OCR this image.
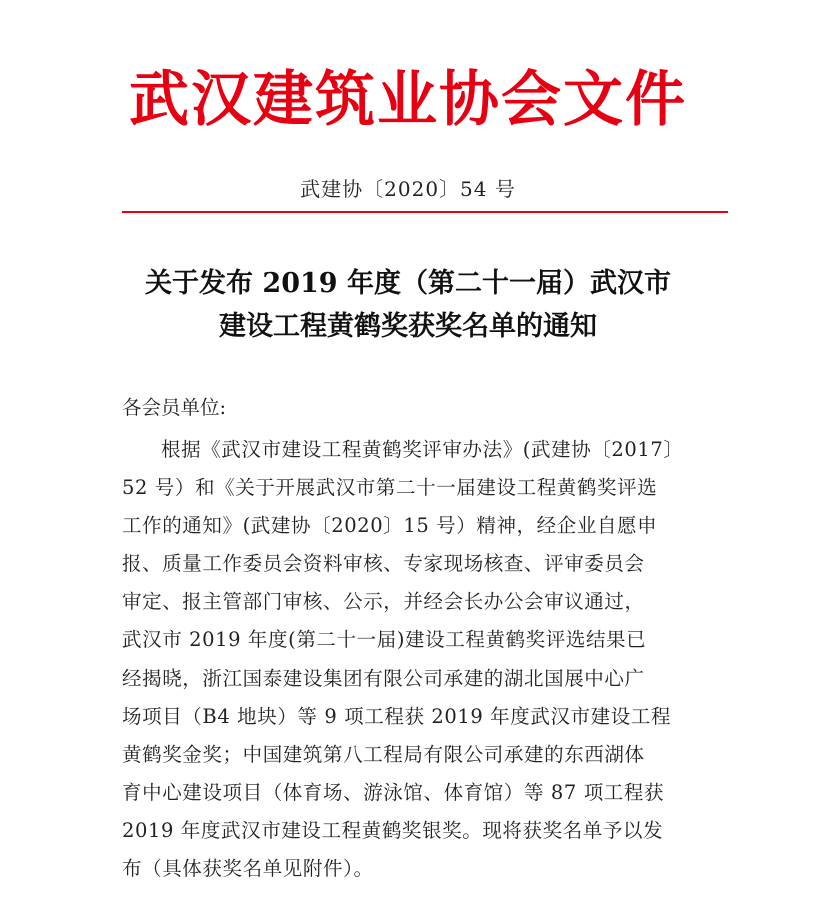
武汉建筑业协会文件
武建协〔2020〕54 号
关于发布 2019 年度（第二十一届）武汉市
建设工程黄鹤奖获奖名单的通知
各会员单位:
根据《武汉市建设工程黄鹤奖评审办法》(武建协〔2017〕
52 号）和《关于开展武汉市第二十一届建设工程黄鹤奖评选
工作的通知》(武建协〔2020〕15 号）精神，经企业自愿申
报、质量工作委员会资料审核、专家现场核查、评审委员会
审定、报主管部门审核、公示，并经会长办公会审议通过，
武汉市 2019 年度(第二十一届)建设工程黄鹤奖评选结果已
经揭晓，浙江国泰建设集团有限公司承建的湖北国展中心广
场项目（B4 地块）等 9 项工程获 2019 年度武汉市建设工程
黄鹤奖金奖；中国建筑第八工程局有限公司承建的东西湖体
育中心建设项目（体育场、游泳馆、体育馆）等 87 项工程获
2019 年度武汉市建设工程黄鹤奖银奖。现将获奖名单予以发
布（具体获奖名单见附件）。
